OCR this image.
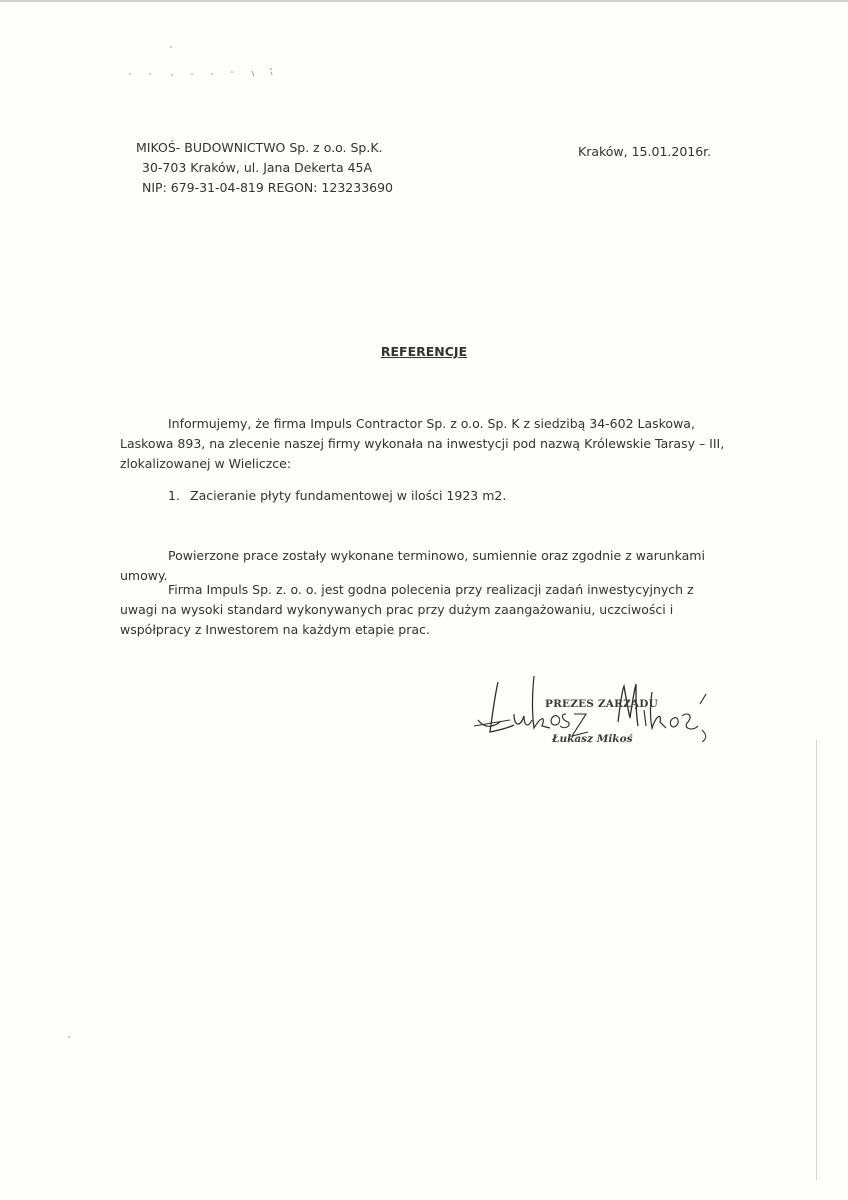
MIKOŚ- BUDOWNICTWO Sp. z o.o. Sp.K.
30-703 Kraków, ul. Jana Dekerta 45A
NIP: 679-31-04-819 REGON: 123233690
Kraków, 15.01.2016r.
REFERENCJE
Informujemy, że firma Impuls Contractor Sp. z o.o. Sp. K z siedzibą 34-602 Laskowa, Laskowa 893, na zlecenie naszej firmy wykonała na inwestycji pod nazwą Królewskie Tarasy – III, zlokalizowanej w Wieliczce:
1. Zacieranie płyty fundamentowej w ilości 1923 m2.
Powierzone prace zostały wykonane terminowo, sumiennie oraz zgodnie z warunkami umowy.
Firma Impuls Sp. z. o. o. jest godna polecenia przy realizacji zadań inwestycyjnych z uwagi na wysoki standard wykonywanych prac przy dużym zaangażowaniu, uczciwości i współpracy z Inwestorem na każdym etapie prac.
PREZES ZARZĄDU
Łukasz Mikoś
